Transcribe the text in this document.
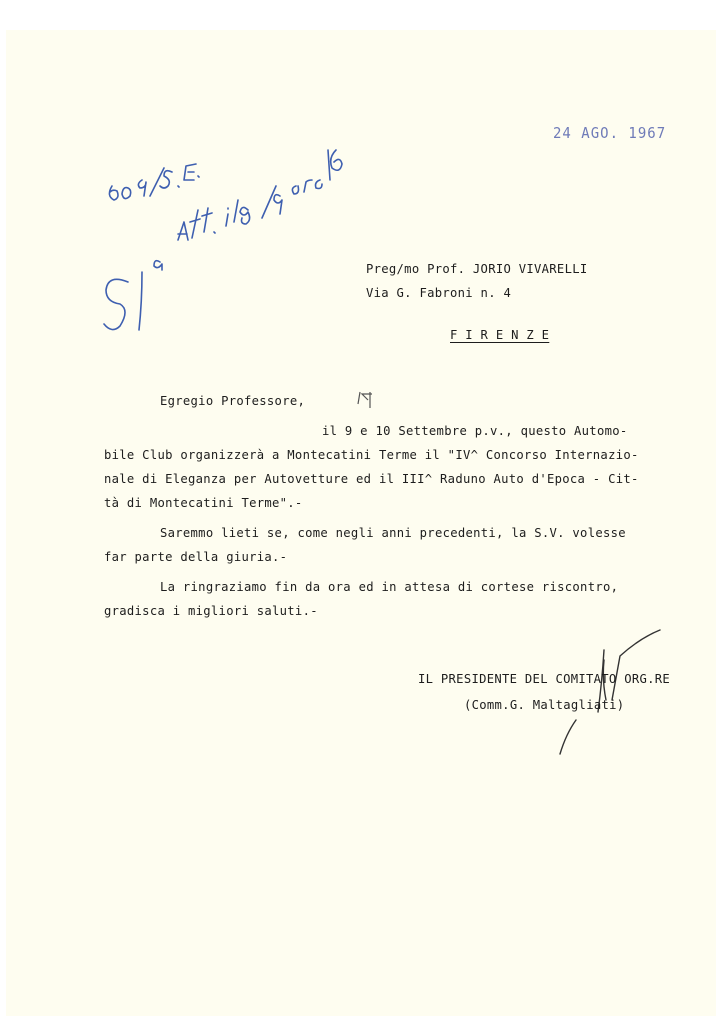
24 AGO. 1967
Preg/mo Prof. JORIO VIVARELLI
Via G. Fabroni n. 4
F I R E N Z E
Egregio Professore,
il 9 e 10 Settembre p.v., questo Automo-
bile Club organizzerà a Montecatini Terme il "IV^ Concorso Internazio-
nale di Eleganza per Autovetture ed il III^ Raduno Auto d'Epoca - Cit-
tà di Montecatini Terme".-
Saremmo lieti se, come negli anni precedenti, la S.V. volesse
far parte della giuria.-
La ringraziamo fin da ora ed in attesa di cortese riscontro,
gradisca i migliori saluti.-
IL PRESIDENTE DEL COMITATO ORG.RE
(Comm.G. Maltagliati)
